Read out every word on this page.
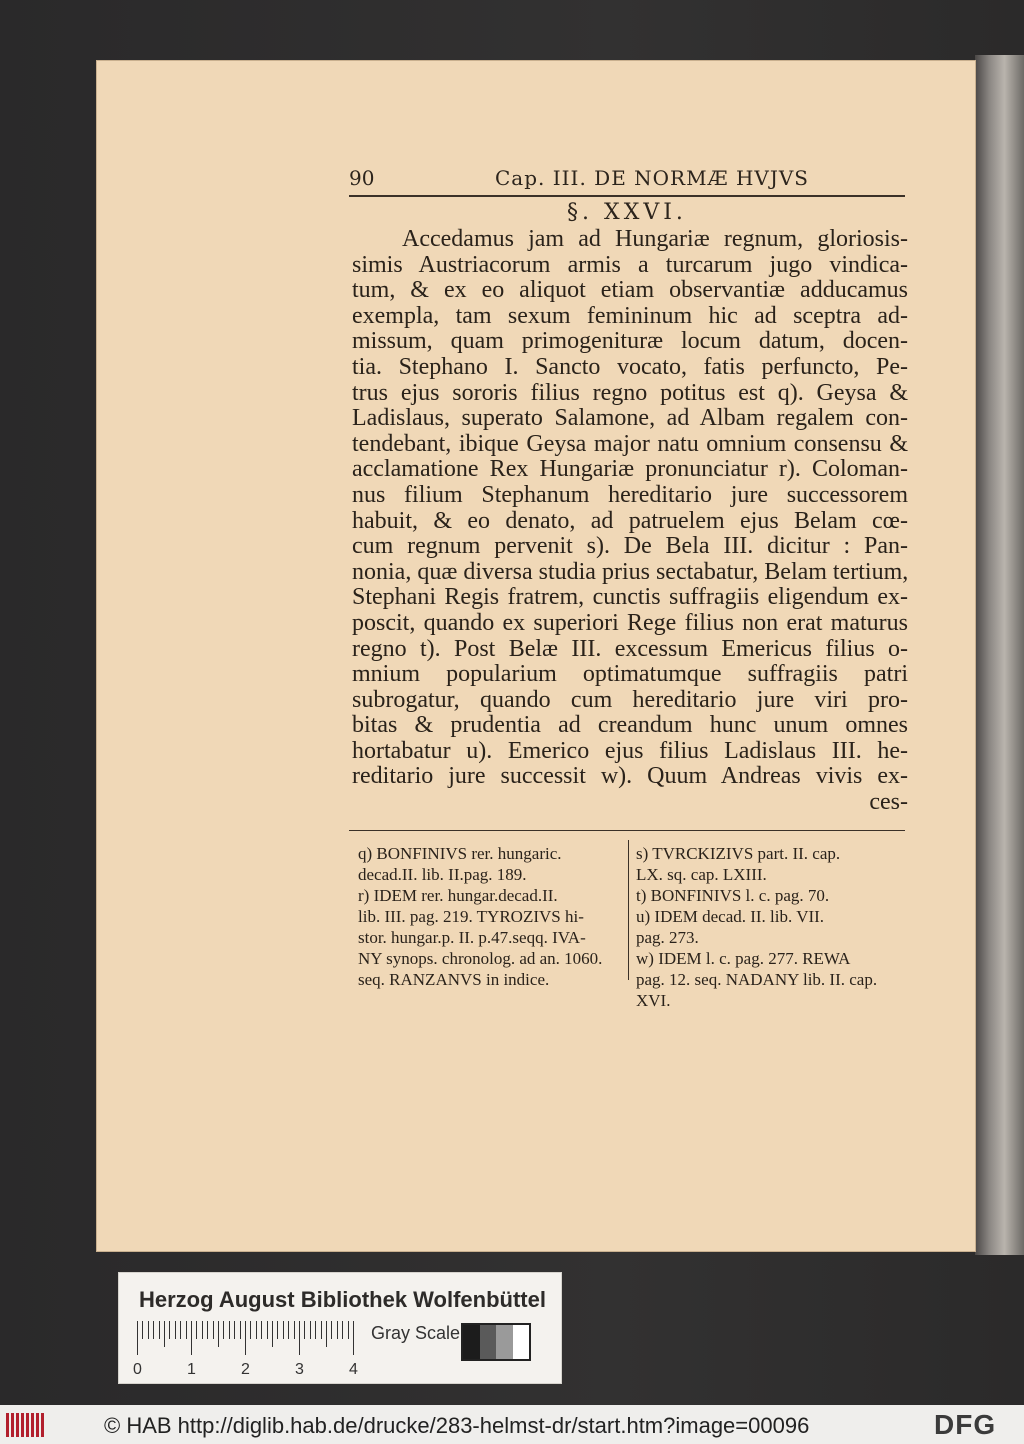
90	Cap. III. DE NORMÆ HVJVS
§. XXVI.
Accedamus jam ad Hungariæ regnum, gloriosis-
simis Austriacorum armis a turcarum jugo vindica-
tum, & ex eo aliquot etiam observantiæ adducamus
exempla, tam sexum femininum hic ad sceptra ad-
missum, quam primogenituræ locum datum, docen-
tia. Stephano I. Sancto vocato, fatis perfuncto, Pe-
trus ejus sororis filius regno potitus est q). Geysa &
Ladislaus, superato Salamone, ad Albam regalem con-
tendebant, ibique Geysa major natu omnium consensu &
acclamatione Rex Hungariæ pronunciatur r). Coloman-
nus filium Stephanum hereditario jure successorem
habuit, & eo denato, ad patruelem ejus Belam cœ-
cum regnum pervenit s). De Bela III. dicitur : Pan-
nonia, quæ diversa studia prius sectabatur, Belam tertium,
Stephani Regis fratrem, cunctis suffragiis eligendum ex-
poscit, quando ex superiori Rege filius non erat maturus
regno t). Post Belæ III. excessum Emericus filius o-
mnium popularium optimatumque suffragiis patri
subrogatur, quando cum hereditario jure viri pro-
bitas & prudentia ad creandum hunc unum omnes
hortabatur u). Emerico ejus filius Ladislaus III. he-
reditario jure successit w). Quum Andreas vivis ex-
ces-
q) BONFINIVS rer. hungaric.
decad.II. lib. II.pag. 189.
r) IDEM rer. hungar.decad.II.
lib. III. pag. 219. TYROZIVS hi-
stor. hungar.p. II. p.47.seqq. IVA-
NY synops. chronolog. ad an. 1060.
seq. RANZANVS in indice.
s) TVRCKIZIVS part. II. cap.
LX. sq. cap. LXIII.
t) BONFINIVS l. c. pag. 70.
u) IDEM decad. II. lib. VII.
pag. 273.
w) IDEM l. c. pag. 277. REWA
pag. 12. seq. NADANY lib. II. cap.
XVI.
Herzog August Bibliothek Wolfenbüttel
0	1	2	3	4
Gray Scale
© HAB http://diglib.hab.de/drucke/283-helmst-dr/start.htm?image=00096	DFG
